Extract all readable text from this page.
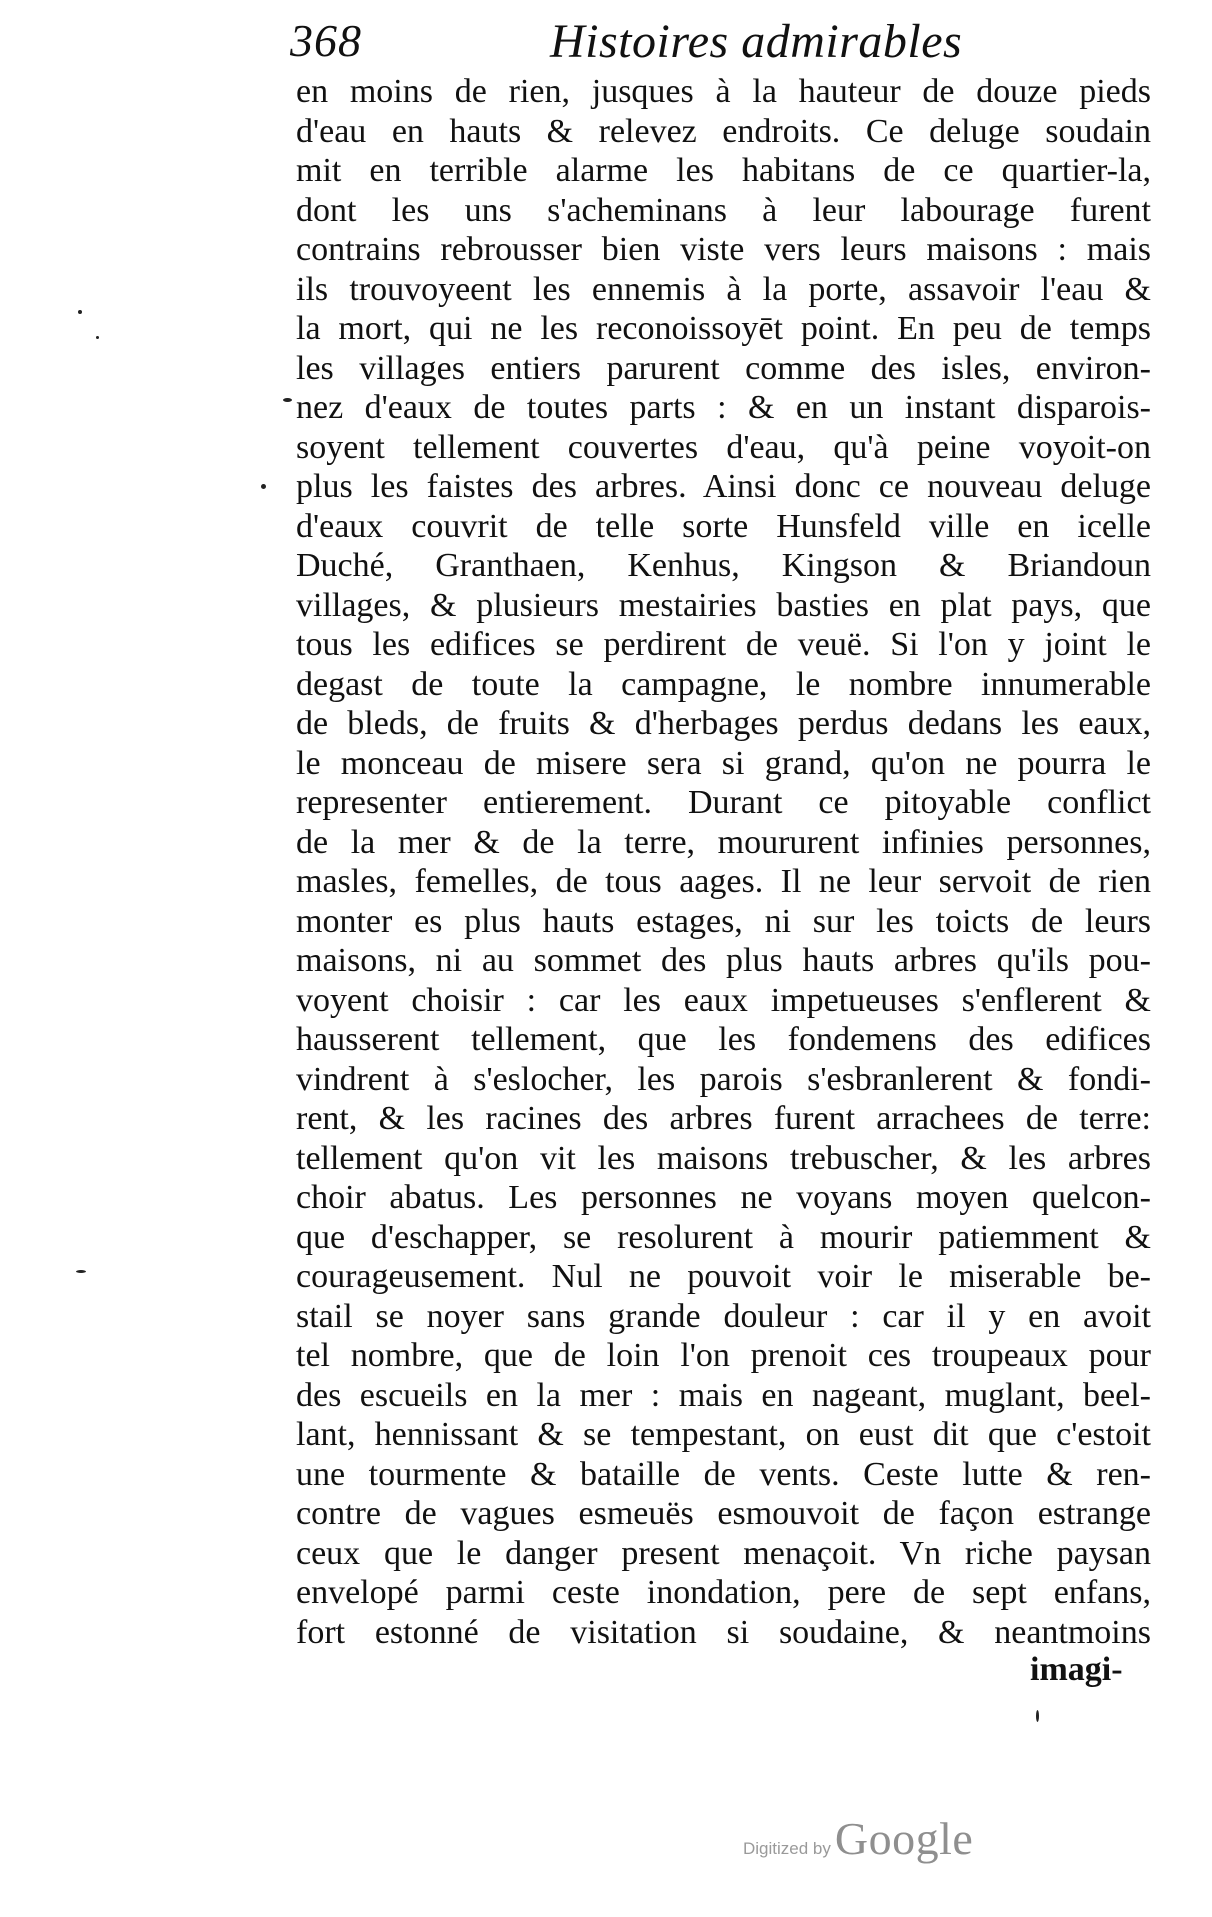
368	Histoires admirables
en moins de rien, jusques à la hauteur de douze pieds
d'eau en hauts & relevez endroits. Ce deluge soudain
mit en terrible alarme les habitans de ce quartier-la,
dont les uns s'acheminans à leur labourage furent
contrains rebrousser bien viste vers leurs maisons : mais
ils trouvoyeent les ennemis à la porte, assavoir l'eau &
la mort, qui ne les reconoissoyēt point. En peu de temps
les villages entiers parurent comme des isles, environ-
nez d'eaux de toutes parts : & en un instant disparois-
soyent tellement couvertes d'eau, qu'à peine voyoit-on
plus les faistes des arbres. Ainsi donc ce nouveau deluge
d'eaux couvrit de telle sorte Hunsfeld ville en icelle
Duché, Granthaen, Kenhus, Kingson & Briandoun
villages, & plusieurs mestairies basties en plat pays, que
tous les edifices se perdirent de veuë. Si l'on y joint le
degast de toute la campagne, le nombre innumerable
de bleds, de fruits & d'herbages perdus dedans les eaux,
le monceau de misere sera si grand, qu'on ne pourra le
representer entierement. Durant ce pitoyable conflict
de la mer & de la terre, moururent infinies personnes,
masles, femelles, de tous aages. Il ne leur servoit de rien
monter es plus hauts estages, ni sur les toicts de leurs
maisons, ni au sommet des plus hauts arbres qu'ils pou-
voyent choisir : car les eaux impetueuses s'enflerent &
hausserent tellement, que les fondemens des edifices
vindrent à s'eslocher, les parois s'esbranlerent & fondi-
rent, & les racines des arbres furent arrachees de terre:
tellement qu'on vit les maisons trebuscher, & les arbres
choir abatus. Les personnes ne voyans moyen quelcon-
que d'eschapper, se resolurent à mourir patiemment &
courageusement. Nul ne pouvoit voir le miserable be-
stail se noyer sans grande douleur : car il y en avoit
tel nombre, que de loin l'on prenoit ces troupeaux pour
des escueils en la mer : mais en nageant, muglant, beel-
lant, hennissant & se tempestant, on eust dit que c'estoit
une tourmente & bataille de vents. Ceste lutte & ren-
contre de vagues esmeuës esmouvoit de façon estrange
ceux que le danger present menaçoit. Vn riche paysan
envelopé parmi ceste inondation, pere de sept enfans,
fort estonné de visitation si soudaine, & neantmoins
imagi-
Digitized byGoogle
